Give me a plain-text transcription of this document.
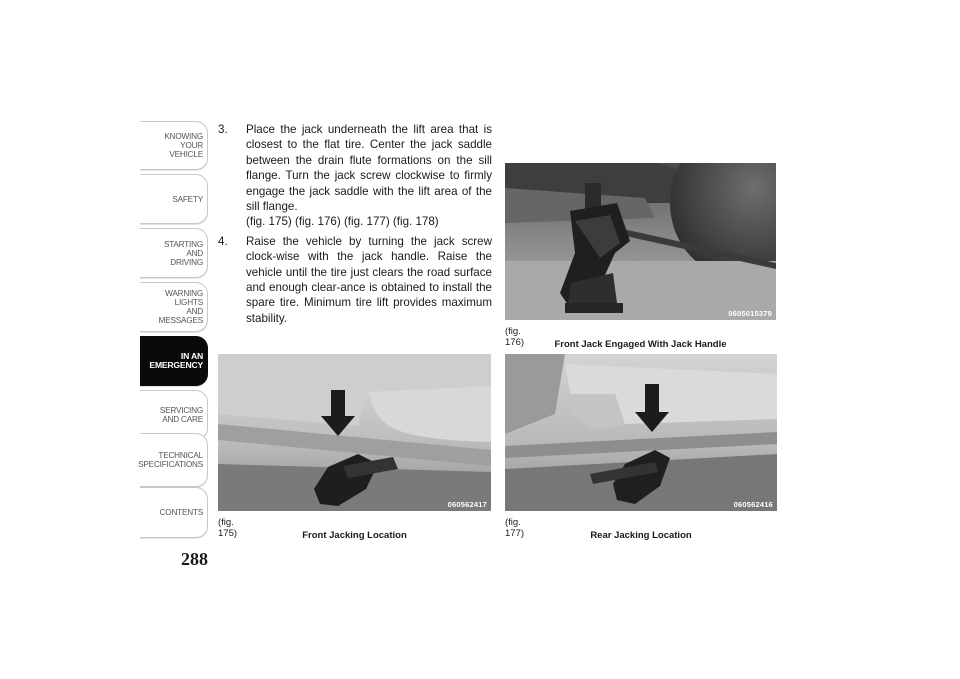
KNOWING
YOUR
VEHICLE
SAFETY
STARTING
AND
DRIVING
WARNING
LIGHTS
AND
MESSAGES
IN AN
EMERGENCY
SERVICING
AND CARE
TECHNICAL
SPECIFICATIONS
CONTENTS
288
3. Place the jack underneath the lift area that is closest to the flat tire. Center the jack saddle between the drain flute formations on the sill flange. Turn the jack screw clockwise to firmly engage the jack saddle with the lift area of the sill flange.
(fig. 175) (fig. 176) (fig. 177) (fig. 178)
4. Raise the vehicle by turning the jack screw clock-wise with the jack handle. Raise the vehicle until the tire just clears the road surface and enough clear-ance is obtained to install the spare tire. Minimum tire lift provides maximum stability.	0605015379
(fig. 176)	Front Jack Engaged With Jack Handle
060562417
(fig. 175)	Front Jacking Location
060562416
(fig. 177)	Rear Jacking Location
